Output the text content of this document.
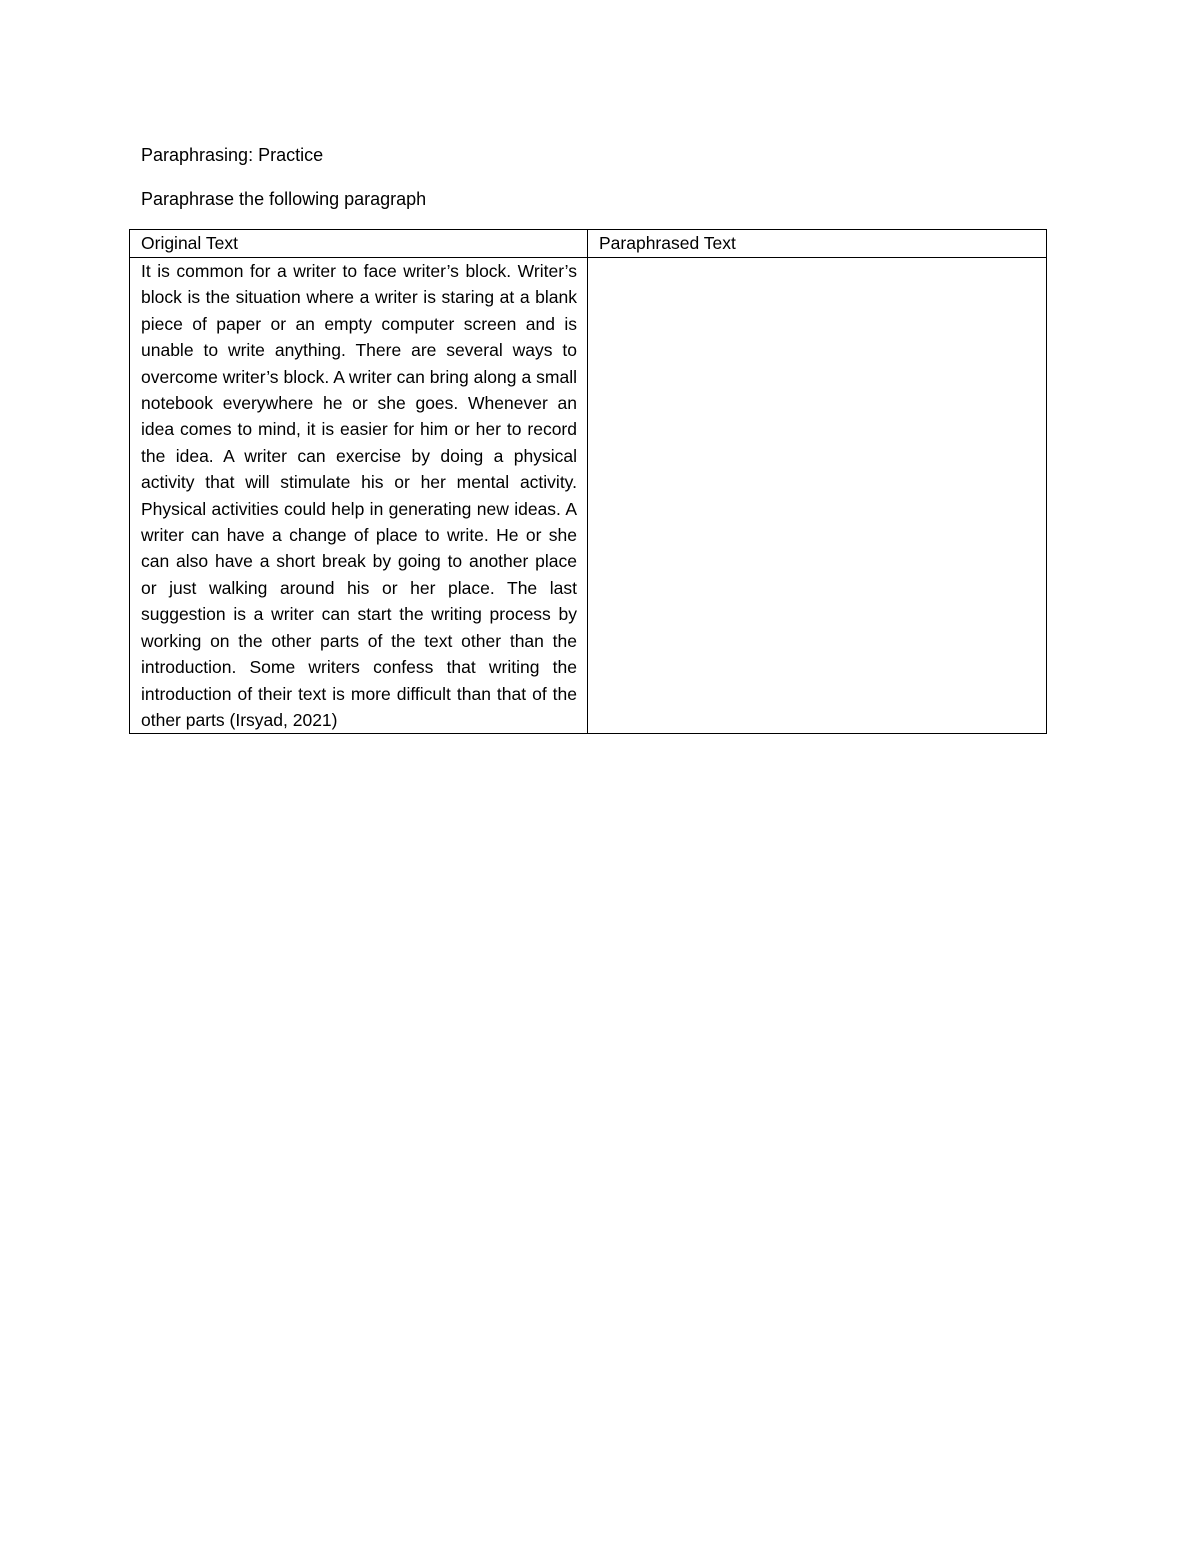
Paraphrasing: Practice
Paraphrase the following paragraph
Original Text	Paraphrased Text

It is common for a writer to face writer’s block. Writer’s block is the situation where a writer is staring at a blank piece of paper or an empty computer screen and is unable to write anything. There are several ways to overcome writer’s block. A writer can bring along a small notebook everywhere he or she goes. Whenever an idea comes to mind, it is easier for him or her to record the idea. A writer can exercise by doing a physical activity that will stimulate his or her mental activity. Physical activities could help in generating new ideas. A writer can have a change of place to write. He or she can also have a short break by going to another place or just walking around his or her place. The last suggestion is a writer can start the writing process by working on the other parts of the text other than the introduction. Some writers confess that writing the introduction of their text is more difficult than that of the other parts (Irsyad, 2021)	
